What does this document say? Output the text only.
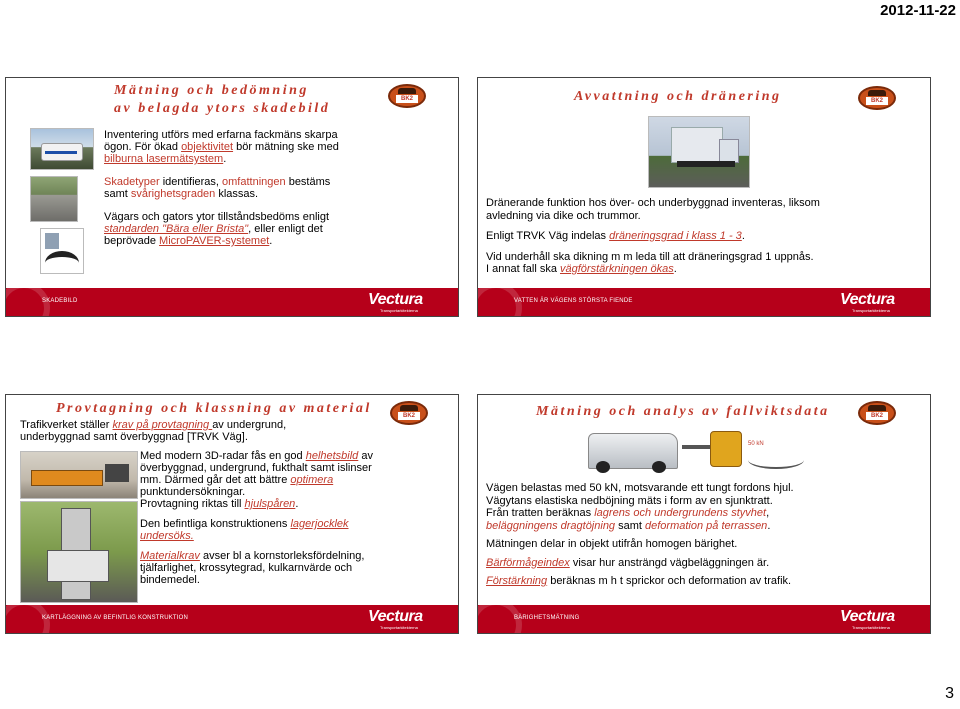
2012-11-22
Mätning och bedömning
av belagda ytors skadebild
BK2

Inventering utförs med erfarna fackmäns skarpa

ögon. För ökad objektivitet bör mätning ske med

bilburna lasermätsystem.

Skadetyper identifieras, omfattningen bestäms

samt svårighetsgraden klassas.

Vägars och gators ytor tillståndsbedöms enligt

standarden "Bära eller Brista", eller enligt det

beprövade MicroPAVER-systemet.

SKADEBILD	Vectura
Transportarkitekterna
Avvattning och dränering	BK2

Dränerande funktion hos över- och underbyggnad inventeras, liksom

avledning via dike och trummor.

Enligt TRVK Väg indelas dräneringsgrad i klass 1 - 3.

Vid underhåll ska dikning m m leda till att dräneringsgrad 1 uppnås.

I annat fall ska vägförstärkningen ökas.

VATTEN ÄR VÄGENS STÖRSTA FIENDE	Vectura
Transportarkitekterna
Provtagning och klassning av material	BK2

Trafikverket ställer krav på provtagning av undergrund,

underbyggnad samt överbyggnad [TRVK Väg].

Med modern 3D-radar fås en god helhetsbild av

överbyggnad, undergrund, fukthalt samt islinser

mm. Därmed går det att bättre optimera

punktundersökningar.

Provtagning riktas till hjulspåren.

Den befintliga konstruktionens lagerjocklek

undersöks.

Materialkrav avser bl a kornstorleksfördelning,

tjälfarlighet, krossytegrad, kulkarnvärde och

bindemedel.

KARTLÄGGNING AV BEFINTLIG KONSTRUKTION	Vectura
Transportarkitekterna
Mätning och analys av fallviktsdata	BK2
50 kN

Vägen belastas med 50 kN, motsvarande ett tungt fordons hjul.

Vägytans elastiska nedböjning mäts i form av en sjunktratt.

Från tratten beräknas lagrens och undergrundens styvhet,

beläggningens dragtöjning samt deformation på terrassen.

Mätningen delar in objekt utifrån homogen bärighet.

Bärförmågeindex visar hur ansträngd vägbeläggningen är.

Förstärkning beräknas m h t sprickor och deformation av trafik.

BÄRIGHETSMÄTNING	Vectura
Transportarkitekterna
3
